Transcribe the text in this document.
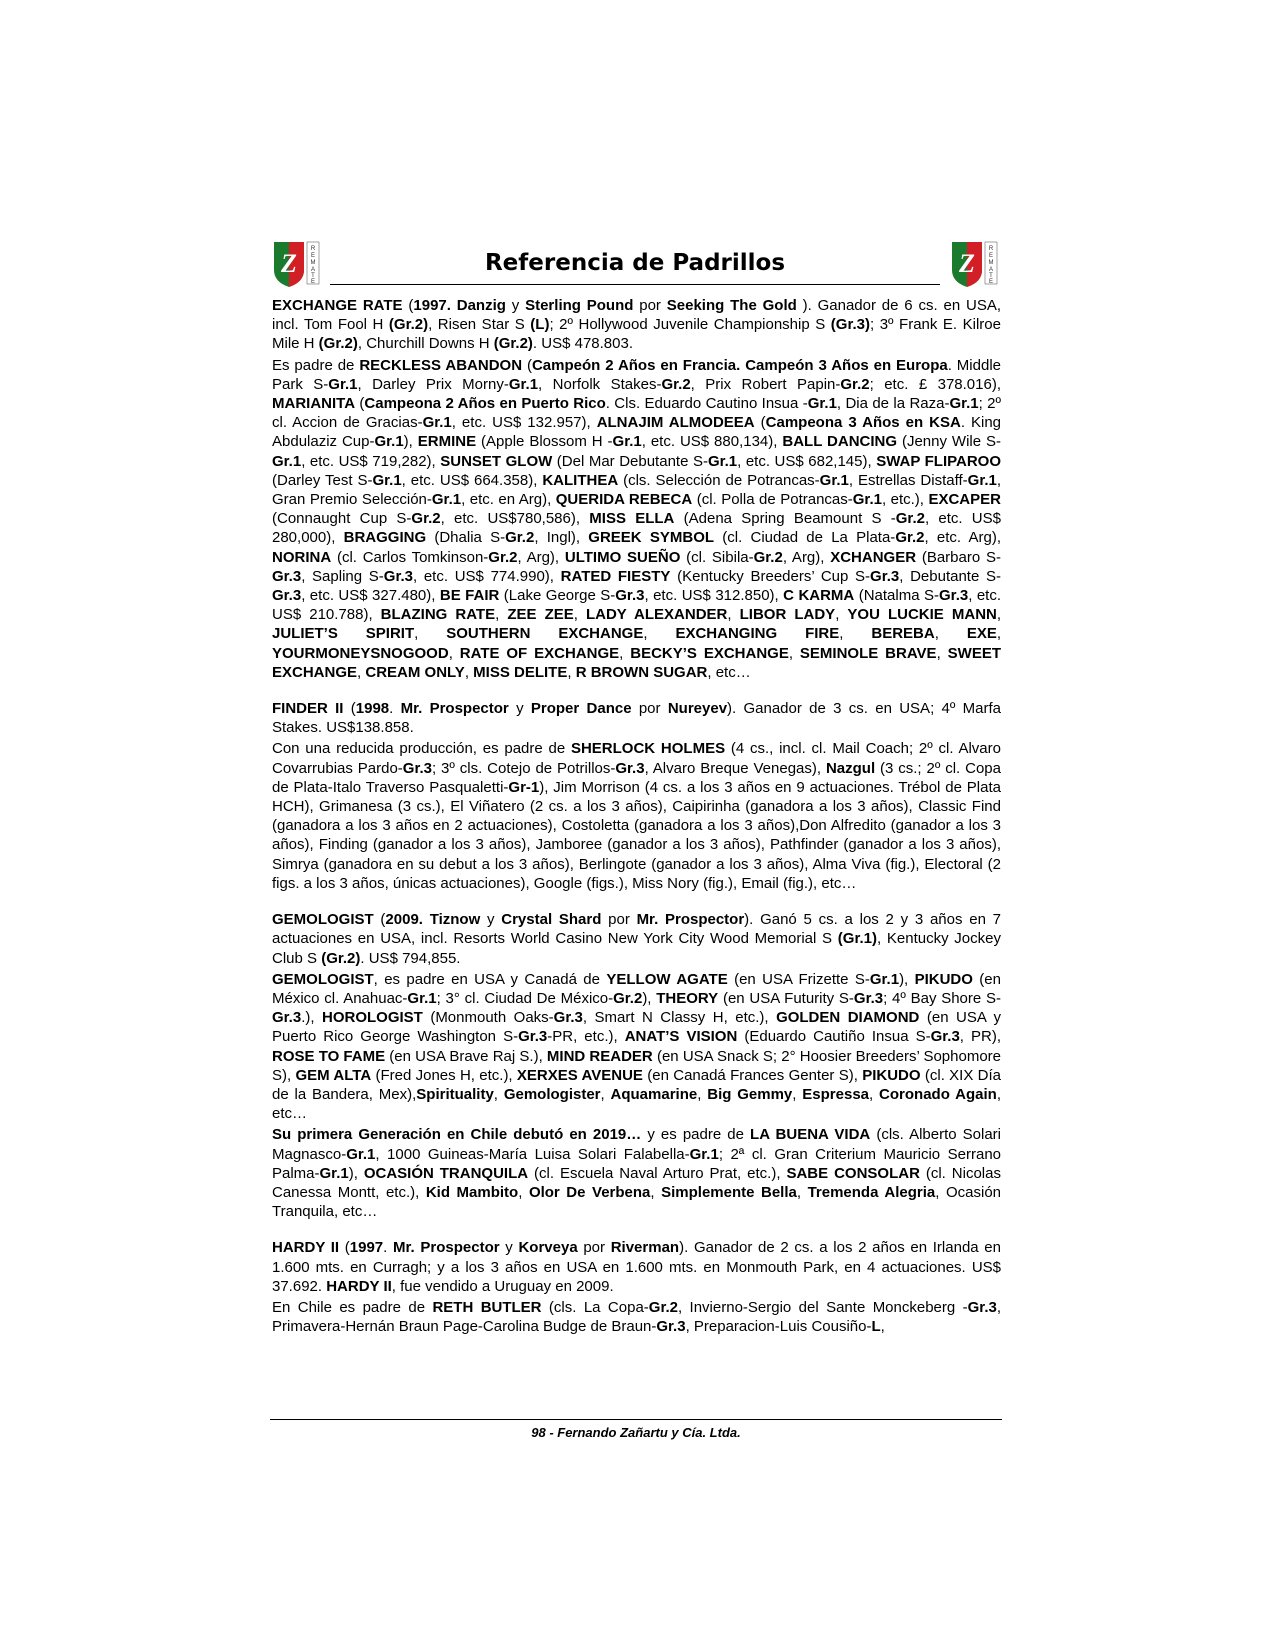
Z R
E
M
A
T
E
Referencia de Padrillos	Z R
E
M
A
T
E

EXCHANGE RATE (1997. Danzig y Sterling Pound por Seeking The Gold ). Ganador de 6 cs. en USA, incl. Tom Fool H (Gr.2), Risen Star S (L); 2º Hollywood Juvenile Championship S (Gr.3); 3º Frank E. Kilroe Mile H (Gr.2), Churchill Downs H (Gr.2). US$ 478.803.

Es padre de RECKLESS ABANDON (Campeón 2 Años en Francia. Campeón 3 Años en Europa. Middle Park S-Gr.1, Darley Prix Morny-Gr.1, Norfolk Stakes-Gr.2, Prix Robert Papin-Gr.2; etc. £ 378.016), MARIANITA (Campeona 2 Años en Puerto Rico. Cls. Eduardo Cautino Insua -Gr.1, Dia de la Raza-Gr.1; 2º cl. Accion de Gracias-Gr.1, etc. US$ 132.957), ALNAJIM ALMODEEA (Campeona 3 Años en KSA. King Abdulaziz Cup-Gr.1), ERMINE (Apple Blossom H -Gr.1, etc. US$ 880,134), BALL DANCING (Jenny Wile S-Gr.1, etc. US$ 719,282), SUNSET GLOW (Del Mar Debutante S-Gr.1, etc. US$ 682,145), SWAP FLIPAROO (Darley Test S-Gr.1, etc. US$ 664.358), KALITHEA (cls. Selección de Potrancas-Gr.1, Estrellas Distaff-Gr.1, Gran Premio Selección-Gr.1, etc. en Arg), QUERIDA REBECA (cl. Polla de Potrancas-Gr.1, etc.), EXCAPER (Connaught Cup S-Gr.2, etc. US$780,586), MISS ELLA (Adena Spring Beamount S -Gr.2, etc. US$ 280,000), BRAGGING (Dhalia S-Gr.2, Ingl), GREEK SYMBOL (cl. Ciudad de La Plata-Gr.2, etc. Arg), NORINA (cl. Carlos Tomkinson-Gr.2, Arg), ULTIMO SUEÑO (cl. Sibila-Gr.2, Arg), XCHANGER (Barbaro S-Gr.3, Sapling S-Gr.3, etc. US$ 774.990), RATED FIESTY (Kentucky Breeders’ Cup S-Gr.3, Debutante S-Gr.3, etc. US$ 327.480), BE FAIR (Lake George S-Gr.3, etc. US$ 312.850), C KARMA (Natalma S-Gr.3, etc. US$ 210.788), BLAZING RATE, ZEE ZEE, LADY ALEXANDER, LIBOR LADY, YOU LUCKIE MANN, JULIET’S SPIRIT, SOUTHERN EXCHANGE, EXCHANGING FIRE, BEREBA, EXE, YOURMONEYSNOGOOD, RATE OF EXCHANGE, BECKY’S EXCHANGE, SEMINOLE BRAVE, SWEET EXCHANGE, CREAM ONLY, MISS DELITE, R BROWN SUGAR, etc…

FINDER II (1998. Mr. Prospector y Proper Dance por Nureyev). Ganador de 3 cs. en USA; 4º Marfa Stakes. US$138.858.

Con una reducida producción, es padre de SHERLOCK HOLMES (4 cs., incl. cl. Mail Coach; 2º cl. Alvaro Covarrubias Pardo-Gr.3; 3º cls. Cotejo de Potrillos-Gr.3, Alvaro Breque Venegas), Nazgul (3 cs.; 2º cl. Copa de Plata-Italo Traverso Pasqualetti-Gr-1), Jim Morrison (4 cs. a los 3 años en 9 actuaciones. Trébol de Plata HCH), Grimanesa (3 cs.), El Viñatero (2 cs. a los 3 años), Caipirinha (ganadora a los 3 años), Classic Find (ganadora a los 3 años en 2 actuaciones), Costoletta (ganadora a los 3 años),Don Alfredito (ganador a los 3 años), Finding (ganador a los 3 años), Jamboree (ganador a los 3 años), Pathfinder (ganador a los 3 años), Simrya (ganadora en su debut a los 3 años), Berlingote (ganador a los 3 años), Alma Viva (fig.), Electoral (2 figs. a los 3 años, únicas actuaciones), Google (figs.), Miss Nory (fig.), Email (fig.), etc…

GEMOLOGIST (2009. Tiznow y Crystal Shard por Mr. Prospector). Ganó 5 cs. a los 2 y 3 años en 7 actuaciones en USA, incl. Resorts World Casino New York City Wood Memorial S (Gr.1), Kentucky Jockey Club S (Gr.2). US$ 794,855.

GEMOLOGIST, es padre en USA y Canadá de YELLOW AGATE (en USA Frizette S-Gr.1), PIKUDO (en México cl. Anahuac-Gr.1; 3° cl. Ciudad De México-Gr.2), THEORY (en USA Futurity S-Gr.3; 4º Bay Shore S-Gr.3.), HOROLOGIST (Monmouth Oaks-Gr.3, Smart N Classy H, etc.), GOLDEN DIAMOND (en USA y Puerto Rico George Washington S-Gr.3-PR, etc.), ANAT’S VISION (Eduardo Cautiño Insua S-Gr.3, PR), ROSE TO FAME (en USA Brave Raj S.), MIND READER (en USA Snack S; 2° Hoosier Breeders’ Sophomore S), GEM ALTA (Fred Jones H, etc.), XERXES AVENUE (en Canadá Frances Genter S), PIKUDO (cl. XIX Día de la Bandera, Mex),Spirituality, Gemologister, Aquamarine, Big Gemmy, Espressa, Coronado Again, etc…

Su primera Generación en Chile debutó en 2019… y es padre de LA BUENA VIDA (cls. Alberto Solari Magnasco-Gr.1, 1000 Guineas-María Luisa Solari Falabella-Gr.1; 2ª cl. Gran Criterium Mauricio Serrano Palma-Gr.1), OCASIÓN TRANQUILA (cl. Escuela Naval Arturo Prat, etc.), SABE CONSOLAR (cl. Nicolas Canessa Montt, etc.), Kid Mambito, Olor De Verbena, Simplemente Bella, Tremenda Alegria, Ocasión Tranquila, etc…

HARDY II (1997. Mr. Prospector y Korveya por Riverman). Ganador de 2 cs. a los 2 años en Irlanda en 1.600 mts. en Curragh; y a los 3 años en USA en 1.600 mts. en Monmouth Park, en 4 actuaciones. US$ 37.692. HARDY II, fue vendido a Uruguay en 2009.

En Chile es padre de RETH BUTLER (cls. La Copa-Gr.2, Invierno-Sergio del Sante Monckeberg -Gr.3, Primavera-Hernán Braun Page-Carolina Budge de Braun-Gr.3, Preparacion-Luis Cousiño-L,

98 - Fernando Zañartu y Cía. Ltda.
